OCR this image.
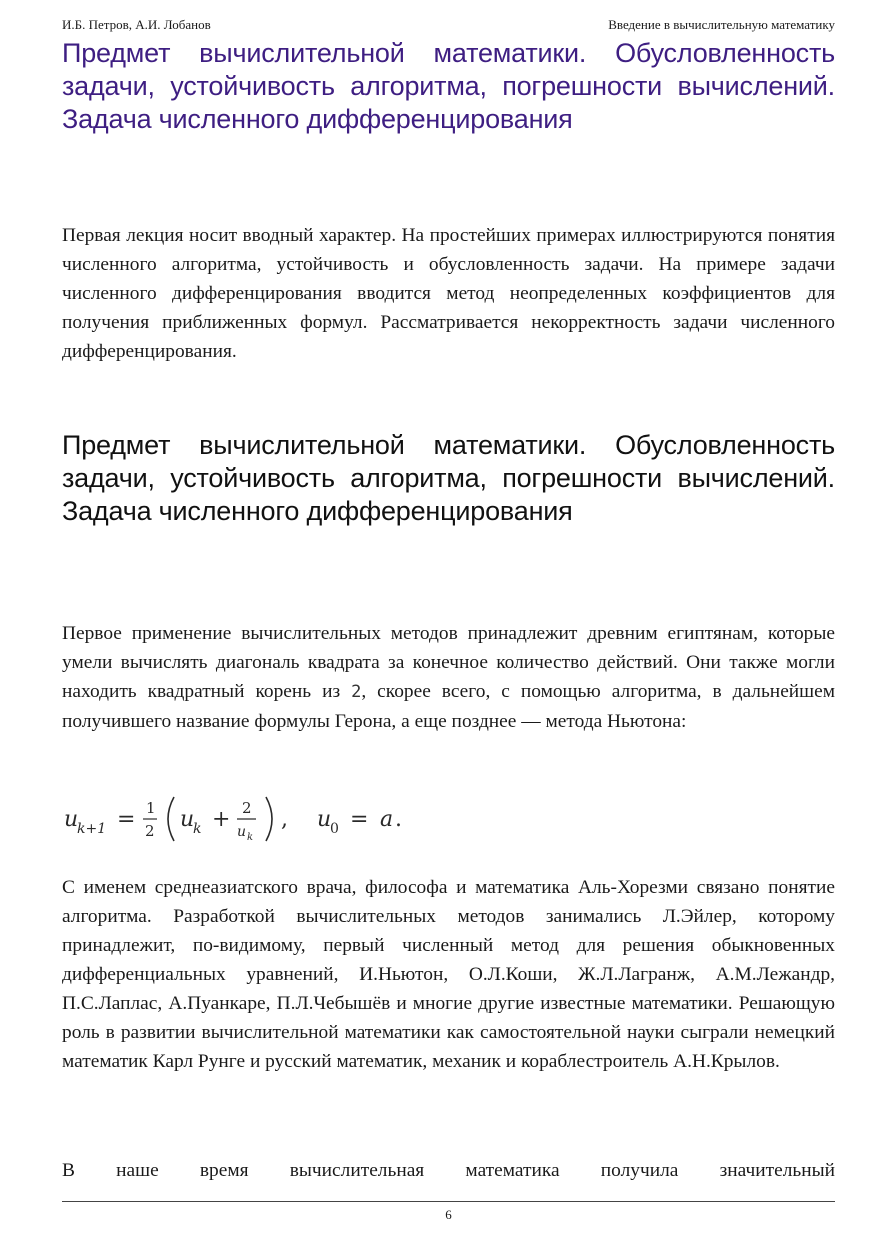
И.Б. Петров, А.И. Лобанов	Введение в вычислительную математику
Предмет вычислительной математики. Обусловленность задачи, устойчивость алгоритма, погрешности вычислений. Задача численного дифференцирования

Первая лекция носит вводный характер. На простейших примерах иллюстрируются понятия численного алгоритма, устойчивость и обусловленность задачи. На примере задачи численного дифференцирования вводится метод неопределенных коэффициентов для получения приближенных формул. Рассматривается некорректность задачи численного дифференцирования.

Предмет вычислительной математики. Обусловленность задачи, устойчивость алгоритма, погрешности вычислений. Задача численного дифференцирования

Первое применение вычислительных методов принадлежит древним египтянам, которые умели вычислять диагональ квадрата за конечное количество действий. Они также могли находить квадратный корень из 2, скорее всего, с помощью алгоритма, в дальнейшем получившего название формулы Герона, а еще позднее — метода Ньютона:

u
k+1 = 1
2 u
k + 2
u k
, u
0 = a .

С именем среднеазиатского врача, философа и математика Аль-Хорезми связано понятие алгоритма. Разработкой вычислительных методов занимались Л.Эйлер, которому принадлежит, по-видимому, первый численный метод для решения обыкновенных дифференциальных уравнений, И.Ньютон, О.Л.Коши, Ж.Л.Лагранж, А.М.Лежандр, П.С.Лаплас, А.Пуанкаре, П.Л.Чебышёв и многие другие известные математики. Решающую роль в развитии вычислительной математики как самостоятельной науки сыграли немецкий математик Карл Рунге и русский математик, механик и кораблестроитель А.Н.Крылов.

В наше время вычислительная математика получила значительный

6
